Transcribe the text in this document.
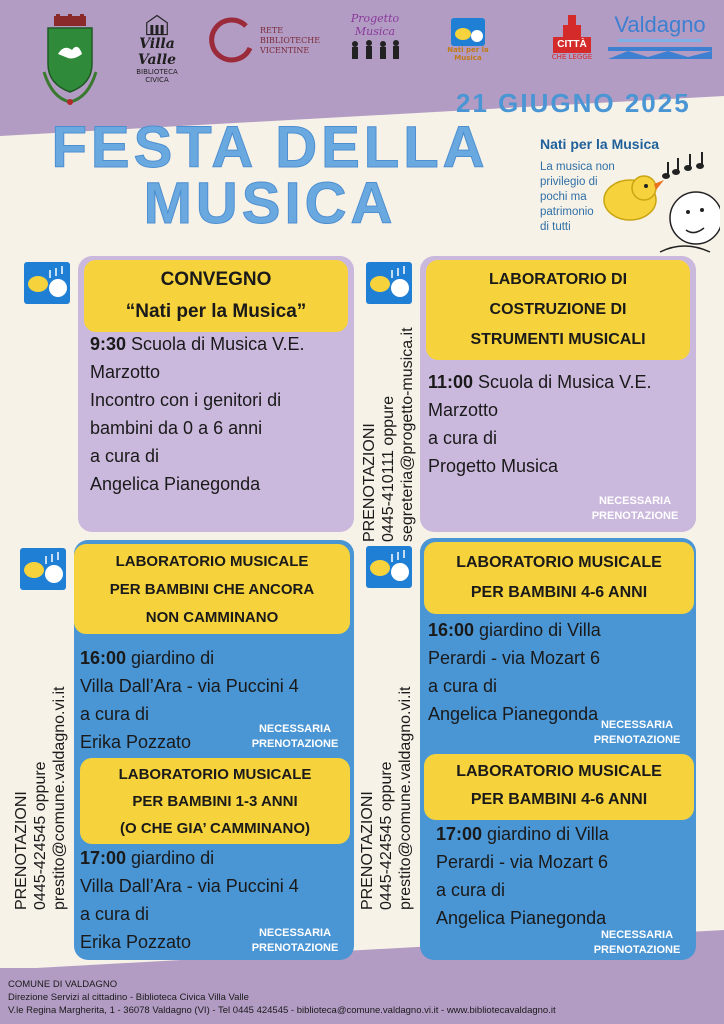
Villa Valle
BIBLIOTECA CIVICA
RETE
BIBLIOTECHE
VICENTINE
Progetto Musica
Nati per la Musica
CITTÀ
CHE LEGGE
Valdagno
21 GIUGNO 2025
FESTA DELLA
MUSICA
Nati per la Musica
La musica non
privilegio di
pochi ma
patrimonio
di tutti
CONVEGNO
“Nati per la Musica”
9:30 Scuola di Musica V.E.
Marzotto
Incontro con i genitori di
bambini da 0 a 6 anni
a cura di
Angelica Pianegonda
LABORATORIO DI
COSTRUZIONE DI
STRUMENTI MUSICALI
11:00 Scuola di Musica V.E.
Marzotto
a cura di
Progetto Musica
NECESSARIA
PRENOTAZIONE
PRENOTAZIONI 0445-410111 oppure segreteria@progetto-musica.it
LABORATORIO MUSICALE
PER BAMBINI CHE ANCORA
NON CAMMINANO
16:00 giardino di
Villa Dall’Ara - via Puccini 4
a cura di
Erika Pozzato
NECESSARIA
PRENOTAZIONE
LABORATORIO MUSICALE
PER BAMBINI 1-3 ANNI
(O CHE GIA’ CAMMINANO)
17:00 giardino di
Villa Dall’Ara - via Puccini 4
a cura di
Erika Pozzato	NECESSARIA
PRENOTAZIONE
PRENOTAZIONI 0445-424545 oppure prestito@comune.valdagno.vi.it	PRENOTAZIONI 0445-424545 oppure prestito@comune.valdagno.vi.it
LABORATORIO MUSICALE
PER BAMBINI 4-6 ANNI
16:00 giardino di Villa
Perardi - via Mozart 6
a cura di
Angelica Pianegonda
NECESSARIA
PRENOTAZIONE
LABORATORIO MUSICALE
PER BAMBINI 4-6 ANNI
17:00 giardino di Villa
Perardi - via Mozart 6
a cura di
Angelica Pianegonda
NECESSARIA
PRENOTAZIONE
COMUNE DI VALDAGNO
Direzione Servizi al cittadino - Biblioteca Civica Villa Valle
V.le Regina Margherita, 1 - 36078 Valdagno (VI) - Tel 0445 424545 - biblioteca@comune.valdagno.vi.it - www.bibliotecavaldagno.it
